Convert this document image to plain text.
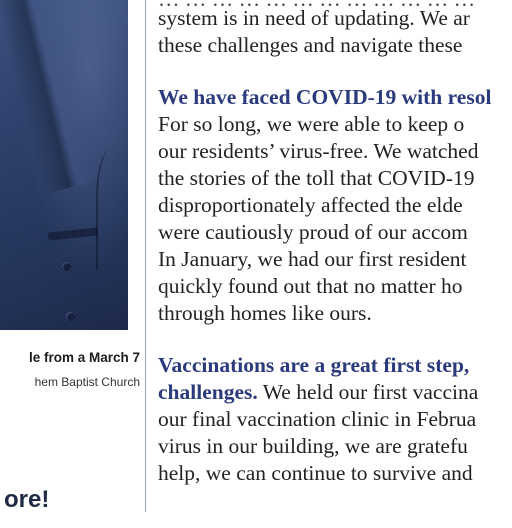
le from a March 7
hem Baptist Church
ore!
system is in need of updating. We ar
these challenges and navigate these
We have faced COVID-19 with resol
For so long, we were able to keep o
our residents’ virus-free. We watched
the stories of the toll that COVID-19
disproportionately affected the elde
were cautiously proud of our accom
In January, we had our first resident
quickly found out that no matter ho
through homes like ours.
Vaccinations are a great first step,
challenges. We held our first vaccina
our final vaccination clinic in Februa
virus in our building, we are gratefu
help, we can continue to survive and
